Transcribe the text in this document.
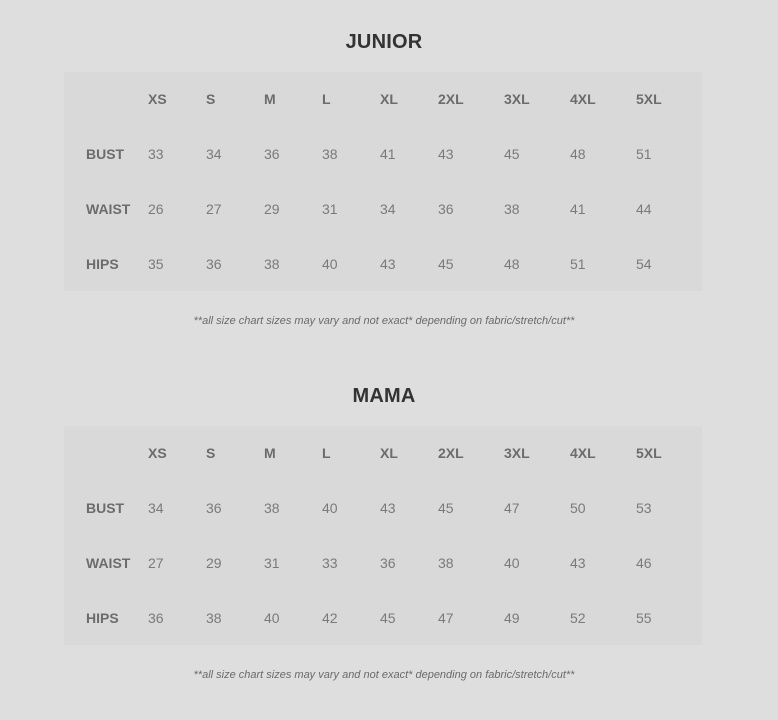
JUNIOR
	XS	S	M	L	XL	2XL	3XL	4XL	5XL
BUST	33	34	36	38	41	43	45	48	51
WAIST	26	27	29	31	34	36	38	41	44
HIPS	35	36	38	40	43	45	48	51	54
**all size chart sizes may vary and not exact* depending on fabric/stretch/cut**
MAMA
	XS	S	M	L	XL	2XL	3XL	4XL	5XL
BUST	34	36	38	40	43	45	47	50	53
WAIST	27	29	31	33	36	38	40	43	46
HIPS	36	38	40	42	45	47	49	52	55
**all size chart sizes may vary and not exact* depending on fabric/stretch/cut**
